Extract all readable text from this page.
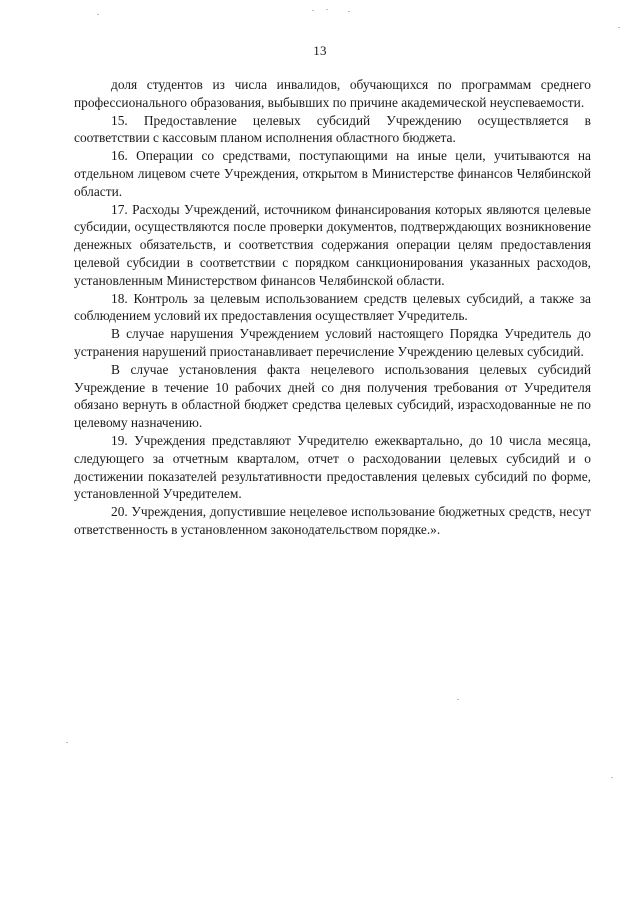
13

доля студентов из числа инвалидов, обучающихся по программам среднего профессионального образования, выбывших по причине академической неуспеваемости.

15. Предоставление целевых субсидий Учреждению осуществляется в соответствии с кассовым планом исполнения областного бюджета.

16. Операции со средствами, поступающими на иные цели, учитываются на отдельном лицевом счете Учреждения, открытом в Министерстве финансов Челябинской области.

17. Расходы Учреждений, источником финансирования которых являются целевые субсидии, осуществляются после проверки документов, подтверждающих возникновение денежных обязательств, и соответствия содержания операции целям предоставления целевой субсидии в соответствии с порядком санкционирования указанных расходов, установленным Министерством финансов Челябинской области.

18. Контроль за целевым использованием средств целевых субсидий, а также за соблюдением условий их предоставления осуществляет Учредитель.

В случае нарушения Учреждением условий настоящего Порядка Учредитель до устранения нарушений приостанавливает перечисление Учреждению целевых субсидий.

В случае установления факта нецелевого использования целевых субсидий Учреждение в течение 10 рабочих дней со дня получения требования от Учредителя обязано вернуть в областной бюджет средства целевых субсидий, израсходованные не по целевому назначению.

19. Учреждения представляют Учредителю ежеквартально, до 10 числа месяца, следующего за отчетным кварталом, отчет о расходовании целевых субсидий и о достижении показателей результативности предоставления целевых субсидий по форме, установленной Учредителем.

20. Учреждения, допустившие нецелевое использование бюджетных средств, несут ответственность в установленном законодательством порядке.».
